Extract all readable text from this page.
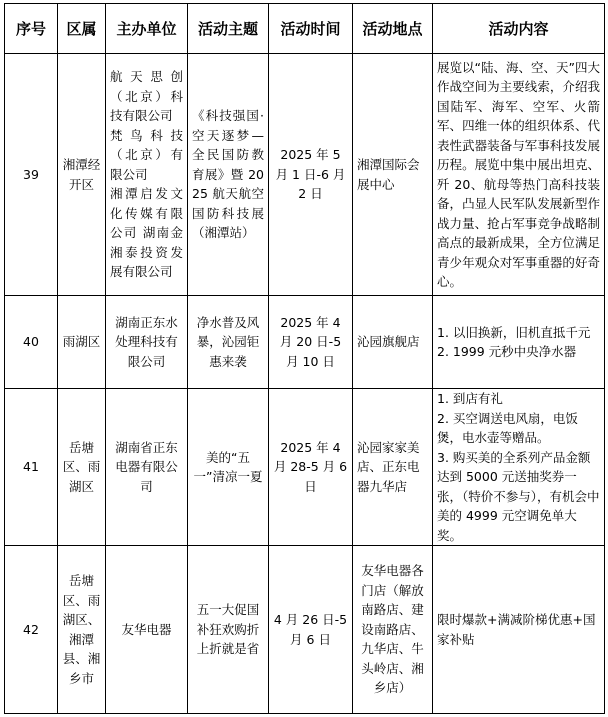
序号	区属	主办单位	活动主题	活动时间	活动地点	活动内容
39	湘潭经开区	航天思创（北京）科技有限公司
梵鸟科技（北京）有限公司
湘潭启发文化传媒有限公司 湖南金湘泰投资发展有限公司	《科技强国·空天逐梦—全民国防教育展》暨 2025 航天航空国防科技展（湘潭站）	2025 年 5 月 1 日-6 月 2 日	湘潭国际会展中心	展览以“陆、海、空、天”四大作战空间为主要线索，介绍我国陆军、海军、空军、火箭军、四维一体的组织体系、代表性武器装备与军事科技发展历程。展览中集中展出坦克、歼 20、航母等热门高科技装备，凸显人民军队发展新型作战力量、抢占军事竞争战略制高点的最新成果，全方位满足青少年观众对军事重器的好奇心。
40	雨湖区	湖南正东水处理科技有限公司	净水普及风暴，沁园钜惠来袭	2025 年 4 月 20 日-5 月 10 日	沁园旗舰店	1. 以旧换新，旧机直抵千元
2. 1999 元秒中央净水器
41	岳塘区、雨湖区	湖南省正东电器有限公司	美的“五一”清凉一夏	2025 年 4 月 28-5 月 6 日	沁园家家美店、正东电器九华店	1. 到店有礼
2. 买空调送电风扇，电饭煲，电水壶等赠品。
3. 购买美的全系列产品金额达到 5000 元送抽奖券一张，（特价不参与），有机会中美的 4999 元空调免单大奖。
42	岳塘区、雨湖区、湘潭县、湘乡市	友华电器	五一大促国补狂欢购折上折就是省	4 月 26 日-5 月 6 日	友华电器各门店（解放南路店、建设南路店、九华店、牛头岭店、湘乡店）	限时爆款+满减阶梯优惠+国家补贴
